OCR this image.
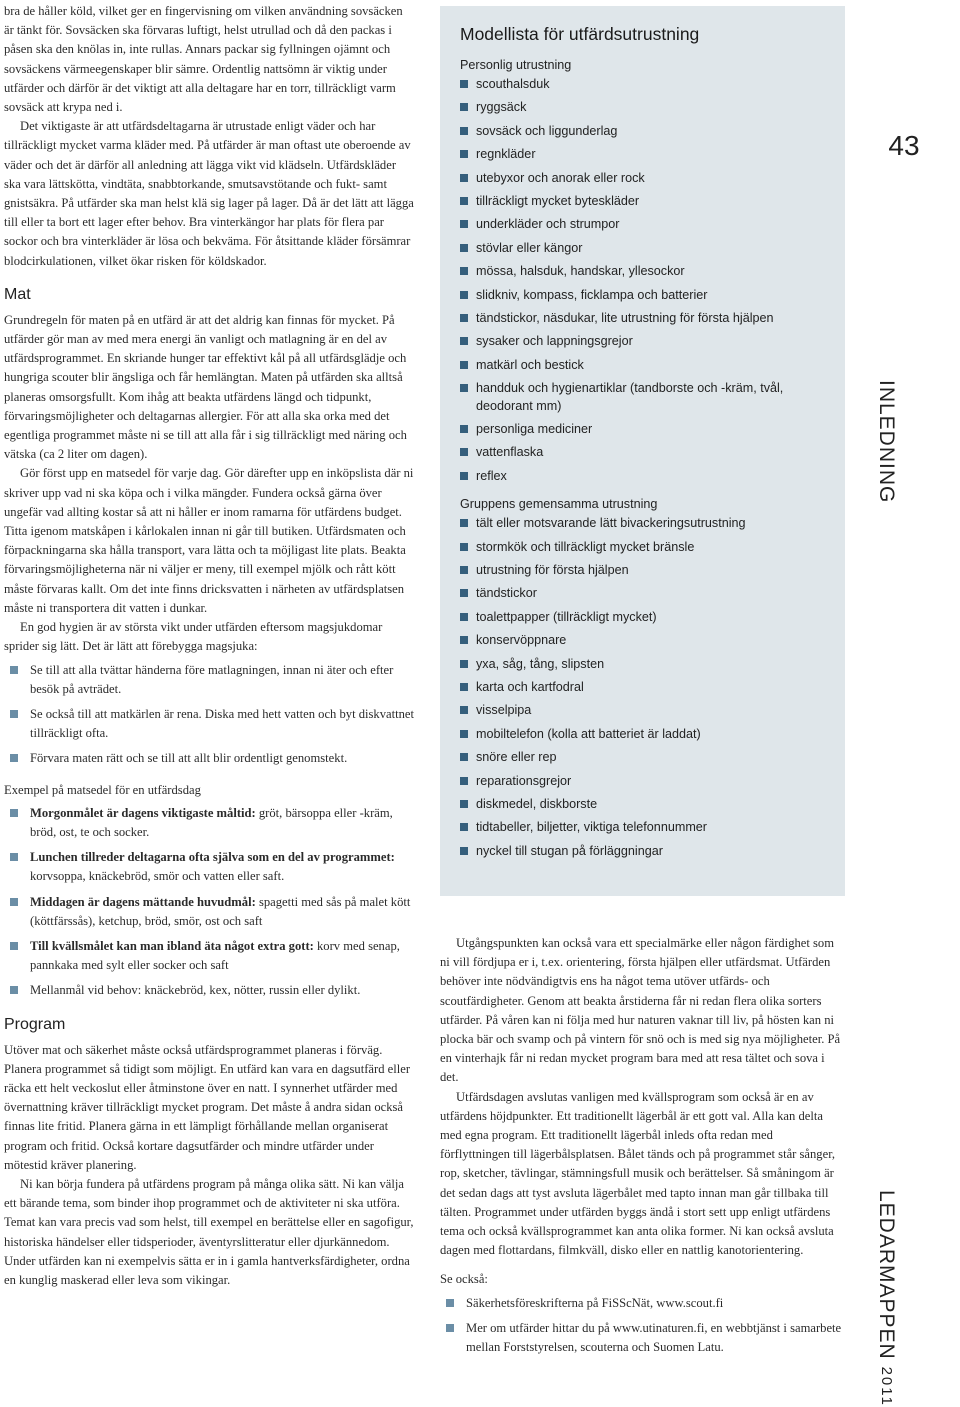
bra de håller köld, vilket ger en fingervisning om vilken användning sovsäcken är tänkt för. Sovsäcken ska förvaras luftigt, helst utrullad och då den packas i påsen ska den knölas in, inte rullas. Annars packar sig fyllningen ojämnt och sovsäckens värmeegenskaper blir sämre. Ordentlig nattsömn är viktig under utfärder och därför är det viktigt att alla deltagare har en torr, tillräckligt varm sovsäck att krypa ned i.

Det viktigaste är att utfärdsdeltagarna är utrustade enligt väder och har tillräckligt mycket varma kläder med. På utfärder är man oftast ute oberoende av väder och det är därför all anledning att lägga vikt vid klädseln. Utfärdskläder ska vara lättskötta, vindtäta, snabbtorkande, smutsavstötande och fukt- samt gnistsäkra. På utfärder ska man helst klä sig lager på lager. Då är det lätt att lägga till eller ta bort ett lager efter behov. Bra vinterkängor har plats för flera par sockor och bra vinterkläder är lösa och bekväma. För åtsittande kläder försämrar blodcirkulationen, vilket ökar risken för köldskador.

Mat

Grundregeln för maten på en utfärd är att det aldrig kan finnas för mycket. På utfärder gör man av med mera energi än vanligt och matlagning är en del av utfärdsprogrammet. En skriande hunger tar effektivt kål på all utfärdsglädje och hungriga scouter blir ängsliga och får hemlängtan. Maten på utfärden ska alltså planeras omsorgsfullt. Kom ihåg att beakta utfärdens längd och tidpunkt, förvaringsmöjligheter och deltagarnas allergier. För att alla ska orka med det egentliga programmet måste ni se till att alla får i sig tillräckligt med näring och vätska (ca 2 liter om dagen).

Gör först upp en matsedel för varje dag. Gör därefter upp en inköpslista där ni skriver upp vad ni ska köpa och i vilka mängder. Fundera också gärna över ungefär vad allting kostar så att ni håller er inom ramarna för utfärdens budget. Titta igenom matskåpen i kårlokalen innan ni går till butiken. Utfärdsmaten och förpackningarna ska hålla transport, vara lätta och ta möjligast lite plats. Beakta förvaringsmöjligheterna när ni väljer er meny, till exempel mjölk och rått kött måste förvaras kallt. Om det inte finns dricksvatten i närheten av utfärdsplatsen måste ni transportera dit vatten i dunkar.

En god hygien är av största vikt under utfärden eftersom magsjukdomar sprider sig lätt. Det är lätt att förebygga magsjuka:

Se till att alla tvättar händerna före matlagningen, innan ni äter och efter besök på avträdet.
Se också till att matkärlen är rena. Diska med hett vatten och byt diskvattnet tillräckligt ofta.
Förvara maten rätt och se till att allt blir ordentligt genomstekt.

Exempel på matsedel för en utfärdsdag

Morgonmålet är dagens viktigaste måltid: gröt, bärsoppa eller -kräm, bröd, ost, te och socker.
Lunchen tillreder deltagarna ofta själva som en del av programmet: korvsoppa, knäckebröd, smör och vatten eller saft.
Middagen är dagens mättande huvudmål: spagetti med sås på malet kött (köttfärssås), ketchup, bröd, smör, ost och saft
Till kvällsmålet kan man ibland äta något extra gott: korv med senap, pannkaka med sylt eller socker och saft
Mellanmål vid behov: knäckebröd, kex, nötter, russin eller dylikt.
Program

Utöver mat och säkerhet måste också utfärdsprogrammet planeras i förväg. Planera programmet så tidigt som möjligt. En utfärd kan vara en dagsutfärd eller räcka ett helt veckoslut eller åtminstone över en natt. I synnerhet utfärder med övernattning kräver tillräckligt mycket program. Det måste å andra sidan också finnas lite fritid. Planera gärna in ett lämpligt förhållande mellan organiserat program och fritid. Också kortare dagsutfärder och mindre utfärder under mötestid kräver planering.

Ni kan börja fundera på utfärdens program på många olika sätt. Ni kan välja ett bärande tema, som binder ihop programmet och de aktiviteter ni ska utföra. Temat kan vara precis vad som helst, till exempel en berättelse eller en sagofigur, historiska händelser eller tidsperioder, äventyrslitteratur eller djurkännedom. Under utfärden kan ni exempelvis sätta er in i gamla hantverksfärdigheter, ordna en kunglig maskerad eller leva som vikingar.

Modellista för utfärdsutrustning
Personlig utrustning
scouthalsduk
ryggsäck
sovsäck och liggunderlag
regnkläder
utebyxor och anorak eller rock
tillräckligt mycket byteskläder
underkläder och strumpor
stövlar eller kängor
mössa, halsduk, handskar, yllesockor
slidkniv, kompass, ficklampa och batterier
tändstickor, näsdukar, lite utrustning för första hjälpen
sysaker och lappningsgrejor
matkärl och bestick
handduk och hygienartiklar (tandborste och -kräm, tvål, deodorant mm)
personliga mediciner
vattenflaska
reflex
Gruppens gemensamma utrustning
tält eller motsvarande lätt bivackeringsutrustning
stormkök och tillräckligt mycket bränsle
utrustning för första hjälpen
tändstickor
toalettpapper (tillräckligt mycket)
konservöppnare
yxa, såg, tång, slipsten
karta och kartfodral
visselpipa
mobiltelefon (kolla att batteriet är laddat)
snöre eller rep
reparationsgrejor
diskmedel, diskborste
tidtabeller, biljetter, viktiga telefonnummer
nyckel till stugan på förläggningar

Utgångspunkten kan också vara ett specialmärke eller någon färdighet som ni vill fördjupa er i, t.ex. orientering, första hjälpen eller utfärdsmat. Utfärden behöver inte nödvändigtvis ens ha något tema utöver utfärds- och scoutfärdigheter. Genom att beakta årstiderna får ni redan flera olika sorters utfärder. På våren kan ni följa med hur naturen vaknar till liv, på hösten kan ni plocka bär och svamp och på vintern för snö och is med sig nya möjligheter. På en vinterhajk får ni redan mycket program bara med att resa tältet och sova i det.

Utfärdsdagen avslutas vanligen med kvällsprogram som också är en av utfärdens höjdpunkter. Ett traditionellt lägerbål är ett gott val. Alla kan delta med egna program. Ett traditionellt lägerbål inleds ofta redan med förflyttningen till lägerbålsplatsen. Bålet tänds och på programmet står sånger, rop, sketcher, tävlingar, stämningsfull musik och berättelser. Så småningom är det sedan dags att tyst avsluta lägerbålet med tapto innan man går tillbaka till tälten. Programmet under utfärden byggs ändå i stort sett upp enligt utfärdens tema och också kvällsprogrammet kan anta olika former. Ni kan också avsluta dagen med flottardans, filmkväll, disko eller en nattlig kanotorientering.

Se också:

Säkerhetsföreskrifterna på FiSScNät, www.scout.fi
Mer om utfärder hittar du på www.utinaturen.fi, en webbtjänst i samarbete mellan Forststyrelsen, scouterna och Suomen Latu.
43
INLEDNING
LEDARMAPPEN 2011
